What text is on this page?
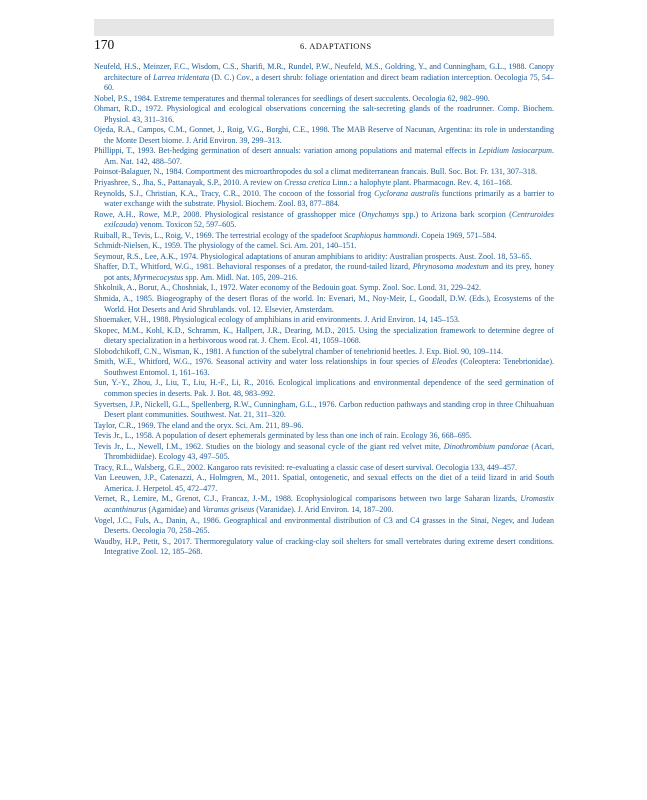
170	6. ADAPTATIONS

Neufeld, H.S., Meinzer, F.C., Wisdom, C.S., Sharifi, M.R., Rundel, P.W., Neufeld, M.S., Goldring, Y., and Cunningham, G.L., 1988. Canopy architecture of Larrea tridentata (D. C.) Cov., a desert shrub: foliage orientation and direct beam radiation interception. Oecologia 75, 54–60.

Nobel, P.S., 1984. Extreme temperatures and thermal tolerances for seedlings of desert succulents. Oecologia 62, 982–990.

Ohmart, R.D., 1972. Physiological and ecological observations concerning the salt-secreting glands of the roadrunner. Comp. Biochem. Physiol. 43, 311–316.

Ojeda, R.A., Campos, C.M., Gonnet, J., Roig, V.G., Borghi, C.E., 1998. The MAB Reserve of Nacunan, Argentina: its role in understanding the Monte Desert biome. J. Arid Environ. 39, 299–313.

Phillippi, T., 1993. Bet-hedging germination of desert annuals: variation among populations and maternal effects in Lepidium lasiocarpum. Am. Nat. 142, 488–507.

Poinsot-Balaguer, N., 1984. Comportment des microarthropodes du sol a climat mediterranean francais. Bull. Soc. Bot. Fr. 131, 307–318.

Priyashree, S., Jha, S., Pattanayak, S.P., 2010. A review on Cressa cretica Linn.: a halophyte plant. Pharmacogn. Rev. 4, 161–168.

Reynolds, S.J., Christian, K.A., Tracy, C.R., 2010. The cocoon of the fossorial frog Cyclorana australis functions primarily as a barrier to water exchange with the substrate. Physiol. Biochem. Zool. 83, 877–884.

Rowe, A.H., Rowe, M.P., 2008. Physiological resistance of grasshopper mice (Onychomys spp.) to Arizona bark scorpion (Centruroides exilcauda) venom. Toxicon 52, 597–605.

Ruiball, R., Tevis, L., Roig, V., 1969. The terrestrial ecology of the spadefoot Scaphiopus hammondi. Copeia 1969, 571–584.

Schmidt-Nielsen, K., 1959. The physiology of the camel. Sci. Am. 201, 140–151.

Seymour, R.S., Lee, A.K., 1974. Physiological adaptations of anuran amphibians to aridity: Australian prospects. Aust. Zool. 18, 53–65.

Shaffer, D.T., Whitford, W.G., 1981. Behavioral responses of a predator, the round-tailed lizard, Phrynosoma modestum and its prey, honey pot ants, Myrmecocystus spp. Am. Midl. Nat. 105, 209–216.

Shkolnik, A., Borut, A., Choshniak, I., 1972. Water economy of the Bedouin goat. Symp. Zool. Soc. Lond. 31, 229–242.

Shmida, A., 1985. Biogeography of the desert floras of the world. In: Evenari, M., Noy-Meir, I., Goodall, D.W. (Eds.), Ecosystems of the World. Hot Deserts and Arid Shrublands. vol. 12. Elsevier, Amsterdam.

Shoemaker, V.H., 1988. Physiological ecology of amphibians in arid environments. J. Arid Environ. 14, 145–153.

Skopec, M.M., Kohl, K.D., Schramm, K., Hallpert, J.R., Dearing, M.D., 2015. Using the specialization framework to determine degree of dietary specialization in a herbivorous wood rat. J. Chem. Ecol. 41, 1059–1068.

Slobodchikoff, C.N., Wisman, K., 1981. A function of the subelytral chamber of tenebrionid beetles. J. Exp. Biol. 90, 109–114.

Smith, W.E., Whitford, W.G., 1976. Seasonal activity and water loss relationships in four species of Eleodes (Coleoptera: Tenebrionidae). Southwest Entomol. 1, 161–163.

Sun, Y.-Y., Zhou, J., Liu, T., Liu, H.-F., Li, R., 2016. Ecological implications and environmental dependence of the seed germination of common species in deserts. Pak. J. Bot. 48, 983–992.

Syvertsen, J.P., Nickell, G.L., Spellenberg, R.W., Cunningham, G.L., 1976. Carbon reduction pathways and standing crop in three Chihuahuan Desert plant communities. Southwest. Nat. 21, 311–320.

Taylor, C.R., 1969. The eland and the oryx. Sci. Am. 211, 89–96.

Tevis Jr., L., 1958. A population of desert ephemerals germinated by less than one inch of rain. Ecology 36, 668–695.

Tevis Jr., L., Newell, I.M., 1962. Studies on the biology and seasonal cycle of the giant red velvet mite, Dinothrombium pandorae (Acari, Thrombidiidae). Ecology 43, 497–505.

Tracy, R.L., Walsberg, G.E., 2002. Kangaroo rats revisited: re-evaluating a classic case of desert survival. Oecologia 133, 449–457.

Van Leeuwen, J.P., Catenazzi, A., Holmgren, M., 2011. Spatial, ontogenetic, and sexual effects on the diet of a teiid lizard in arid South America. J. Herpetol. 45, 472–477.

Vernet, R., Lemire, M., Grenot, C.J., Francaz, J.-M., 1988. Ecophysiological comparisons between two large Saharan lizards, Uromastix acanthinurus (Agamidae) and Varanus griseus (Varanidae). J. Arid Environ. 14, 187–200.

Vogel, J.C., Fuls, A., Danin, A., 1986. Geographical and environmental distribution of C3 and C4 grasses in the Sinai, Negev, and Judean Deserts. Oecologia 70, 258–265.

Waudby, H.P., Petit, S., 2017. Thermoregulatory value of cracking-clay soil shelters for small vertebrates during extreme desert conditions. Integrative Zool. 12, 185–268.
